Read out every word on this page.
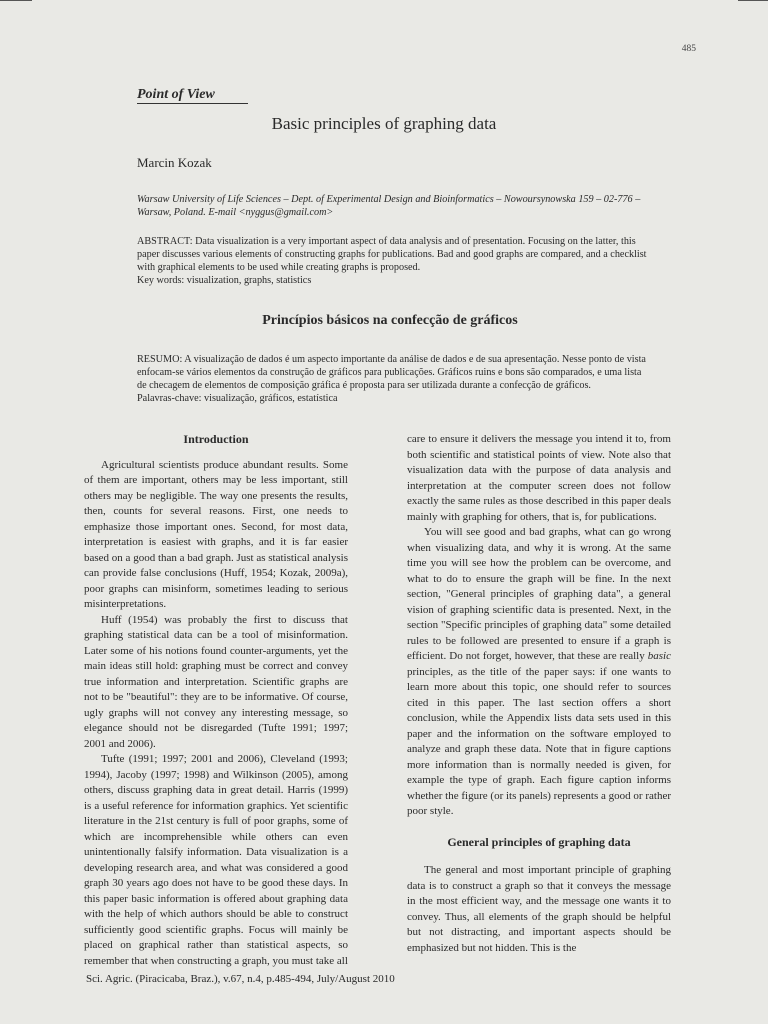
485
Point of View
Basic principles of graphing data
Marcin Kozak
Warsaw University of Life Sciences – Dept. of Experimental Design and Bioinformatics – Nowoursynowska 159 – 02-776 – Warsaw, Poland. E-mail <nyggus@gmail.com>

ABSTRACT: Data visualization is a very important aspect of data analysis and of presentation. Focusing on the latter, this paper discusses various elements of constructing graphs for publications. Bad and good graphs are compared, and a checklist with graphical elements to be used while creating graphs is proposed.

Key words: visualization, graphs, statistics

Princípios básicos na confecção de gráficos

RESUMO: A visualização de dados é um aspecto importante da análise de dados e de sua apresentação. Nesse ponto de vista enfocam-se vários elementos da construção de gráficos para publicações. Gráficos ruins e bons são comparados, e uma lista de checagem de elementos de composição gráfica é proposta para ser utilizada durante a confecção de gráficos.

Palavras-chave: visualização, gráficos, estatística

Introduction

Agricultural scientists produce abundant results. Some of them are important, others may be less important, still others may be negligible. The way one presents the results, then, counts for several reasons. First, one needs to emphasize those important ones. Second, for most data, interpretation is easiest with graphs, and it is far easier based on a good than a bad graph. Just as statistical analysis can provide false conclusions (Huff, 1954; Kozak, 2009a), poor graphs can misinform, sometimes leading to serious misinterpretations.

Huff (1954) was probably the first to discuss that graphing statistical data can be a tool of misinformation. Later some of his notions found counter-arguments, yet the main ideas still hold: graphing must be correct and convey true information and interpretation. Scientific graphs are not to be "beautiful": they are to be informative. Of course, ugly graphs will not convey any interesting message, so elegance should not be disregarded (Tufte 1991; 1997; 2001 and 2006).

Tufte (1991; 1997; 2001 and 2006), Cleveland (1993; 1994), Jacoby (1997; 1998) and Wilkinson (2005), among others, discuss graphing data in great detail. Harris (1999) is a useful reference for information graphics. Yet scientific literature in the 21st century is full of poor graphs, some of which are incomprehensible while others can even unintentionally falsify information. Data visualization is a developing research area, and what was considered a good graph 30 years ago does not have to be good these days. In this paper basic information is offered about graphing data with the help of which authors should be able to construct sufficiently good scientific graphs. Focus will mainly be placed on graphical rather than statistical aspects, so remember that when constructing a graph, you must take all

care to ensure it delivers the message you intend it to, from both scientific and statistical points of view. Note also that visualization data with the purpose of data analysis and interpretation at the computer screen does not follow exactly the same rules as those described in this paper deals mainly with graphing for others, that is, for publications.

You will see good and bad graphs, what can go wrong when visualizing data, and why it is wrong. At the same time you will see how the problem can be overcome, and what to do to ensure the graph will be fine. In the next section, "General principles of graphing data", a general vision of graphing scientific data is presented. Next, in the section "Specific principles of graphing data" some detailed rules to be followed are presented to ensure if a graph is efficient. Do not forget, however, that these are really basic principles, as the title of the paper says: if one wants to learn more about this topic, one should refer to sources cited in this paper. The last section offers a short conclusion, while the Appendix lists data sets used in this paper and the information on the software employed to analyze and graph these data. Note that in figure captions more information than is normally needed is given, for example the type of graph. Each figure caption informs whether the figure (or its panels) represents a good or rather poor style.

General principles of graphing data

The general and most important principle of graphing data is to construct a graph so that it conveys the message in the most efficient way, and the message one wants it to convey. Thus, all elements of the graph should be helpful but not distracting, and important aspects should be emphasized but not hidden. This is the

Sci. Agric. (Piracicaba, Braz.), v.67, n.4, p.485-494, July/August 2010
